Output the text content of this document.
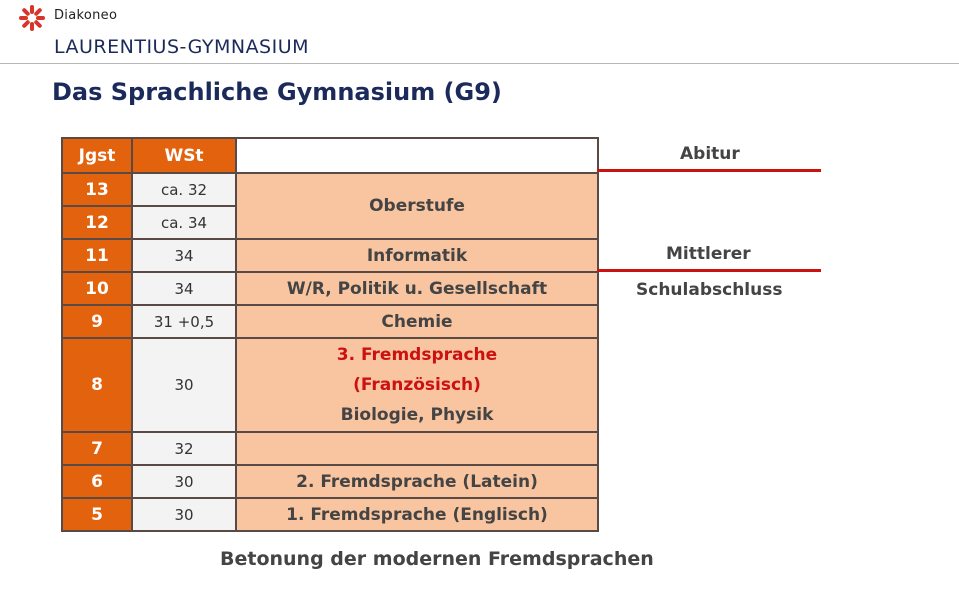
Diakoneo
LAURENTIUS-GYMNASIUM
Das Sprachliche Gymnasium (G9)
Jgst	WSt	
13	ca. 32	Oberstufe
12	ca. 34	
11	34	Informatik
10	34	W/R, Politik u. Gesellschaft
9	31 +0,5	Chemie
8	30	3. Fremdsprache
(Französisch)
Biologie, Physik

7	32	
6	30	2. Fremdsprache (Latein)
5	30	1. Fremdsprache (Englisch)
Abitur
Mittlerer
Schulabschluss
Betonung der modernen Fremdsprachen
